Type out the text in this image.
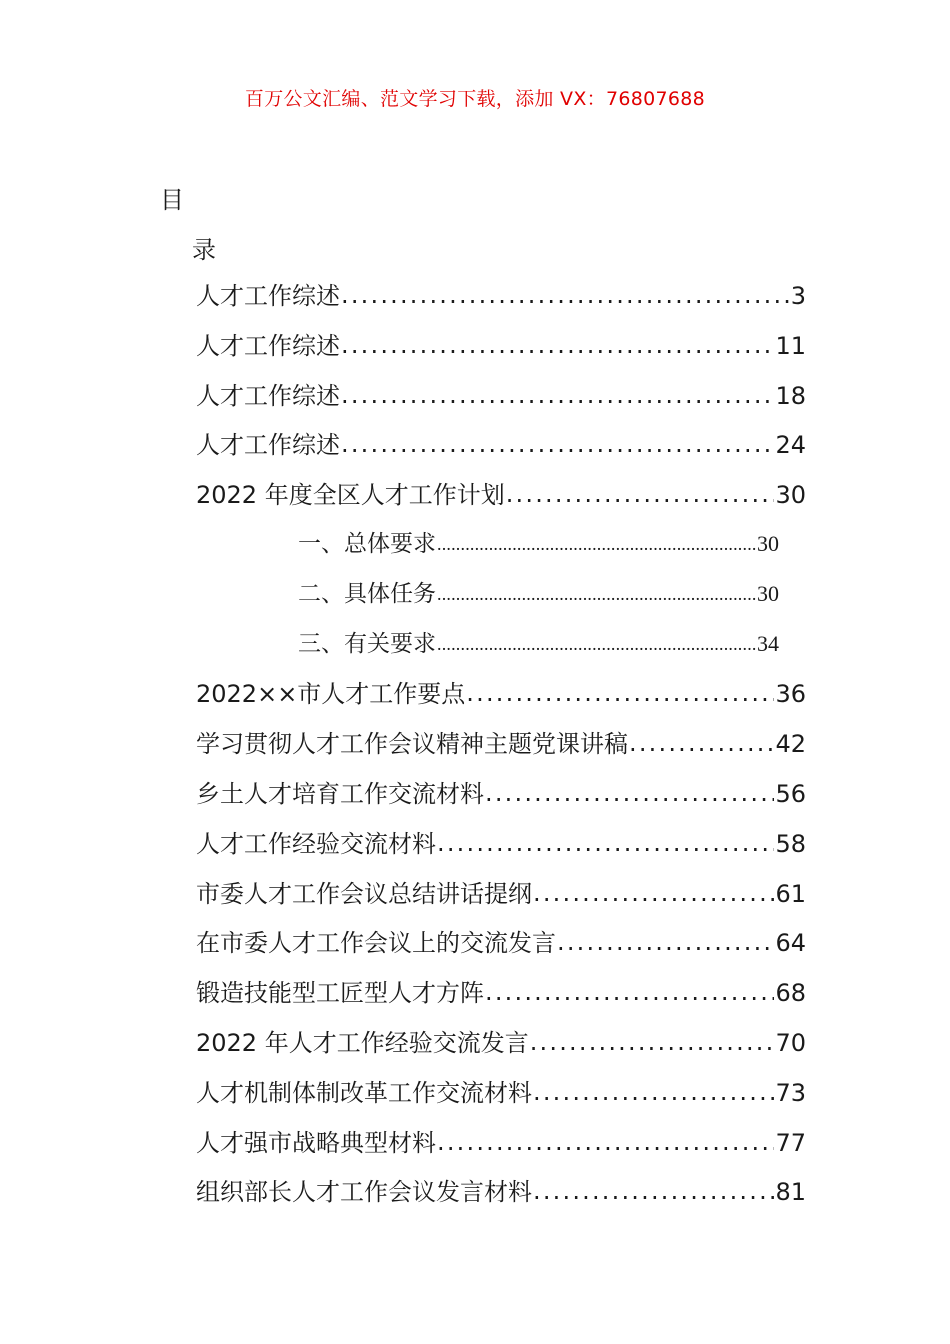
百万公文汇编、范文学习下载，添加 VX：76807688
目
录
人才工作综述 .....	3
人才工作综述 .....	11
人才工作综述 .....	18
人才工作综述 .....	24
2022 年度全区人才工作计划 .....	30
一、总体要求 .....	30
二、具体任务 .....	30
三、有关要求 .....	34
2022××市人才工作要点 .....	36
学习贯彻人才工作会议精神主题党课讲稿 .....	42
乡土人才培育工作交流材料 .....	56
人才工作经验交流材料 .....	58
市委人才工作会议总结讲话提纲 .....	61
在市委人才工作会议上的交流发言 .....	64
锻造技能型工匠型人才方阵 .....	68
2022 年人才工作经验交流发言 .....	70
人才机制体制改革工作交流材料 .....	73
人才强市战略典型材料 .....	77
组织部长人才工作会议发言材料 .....	81
